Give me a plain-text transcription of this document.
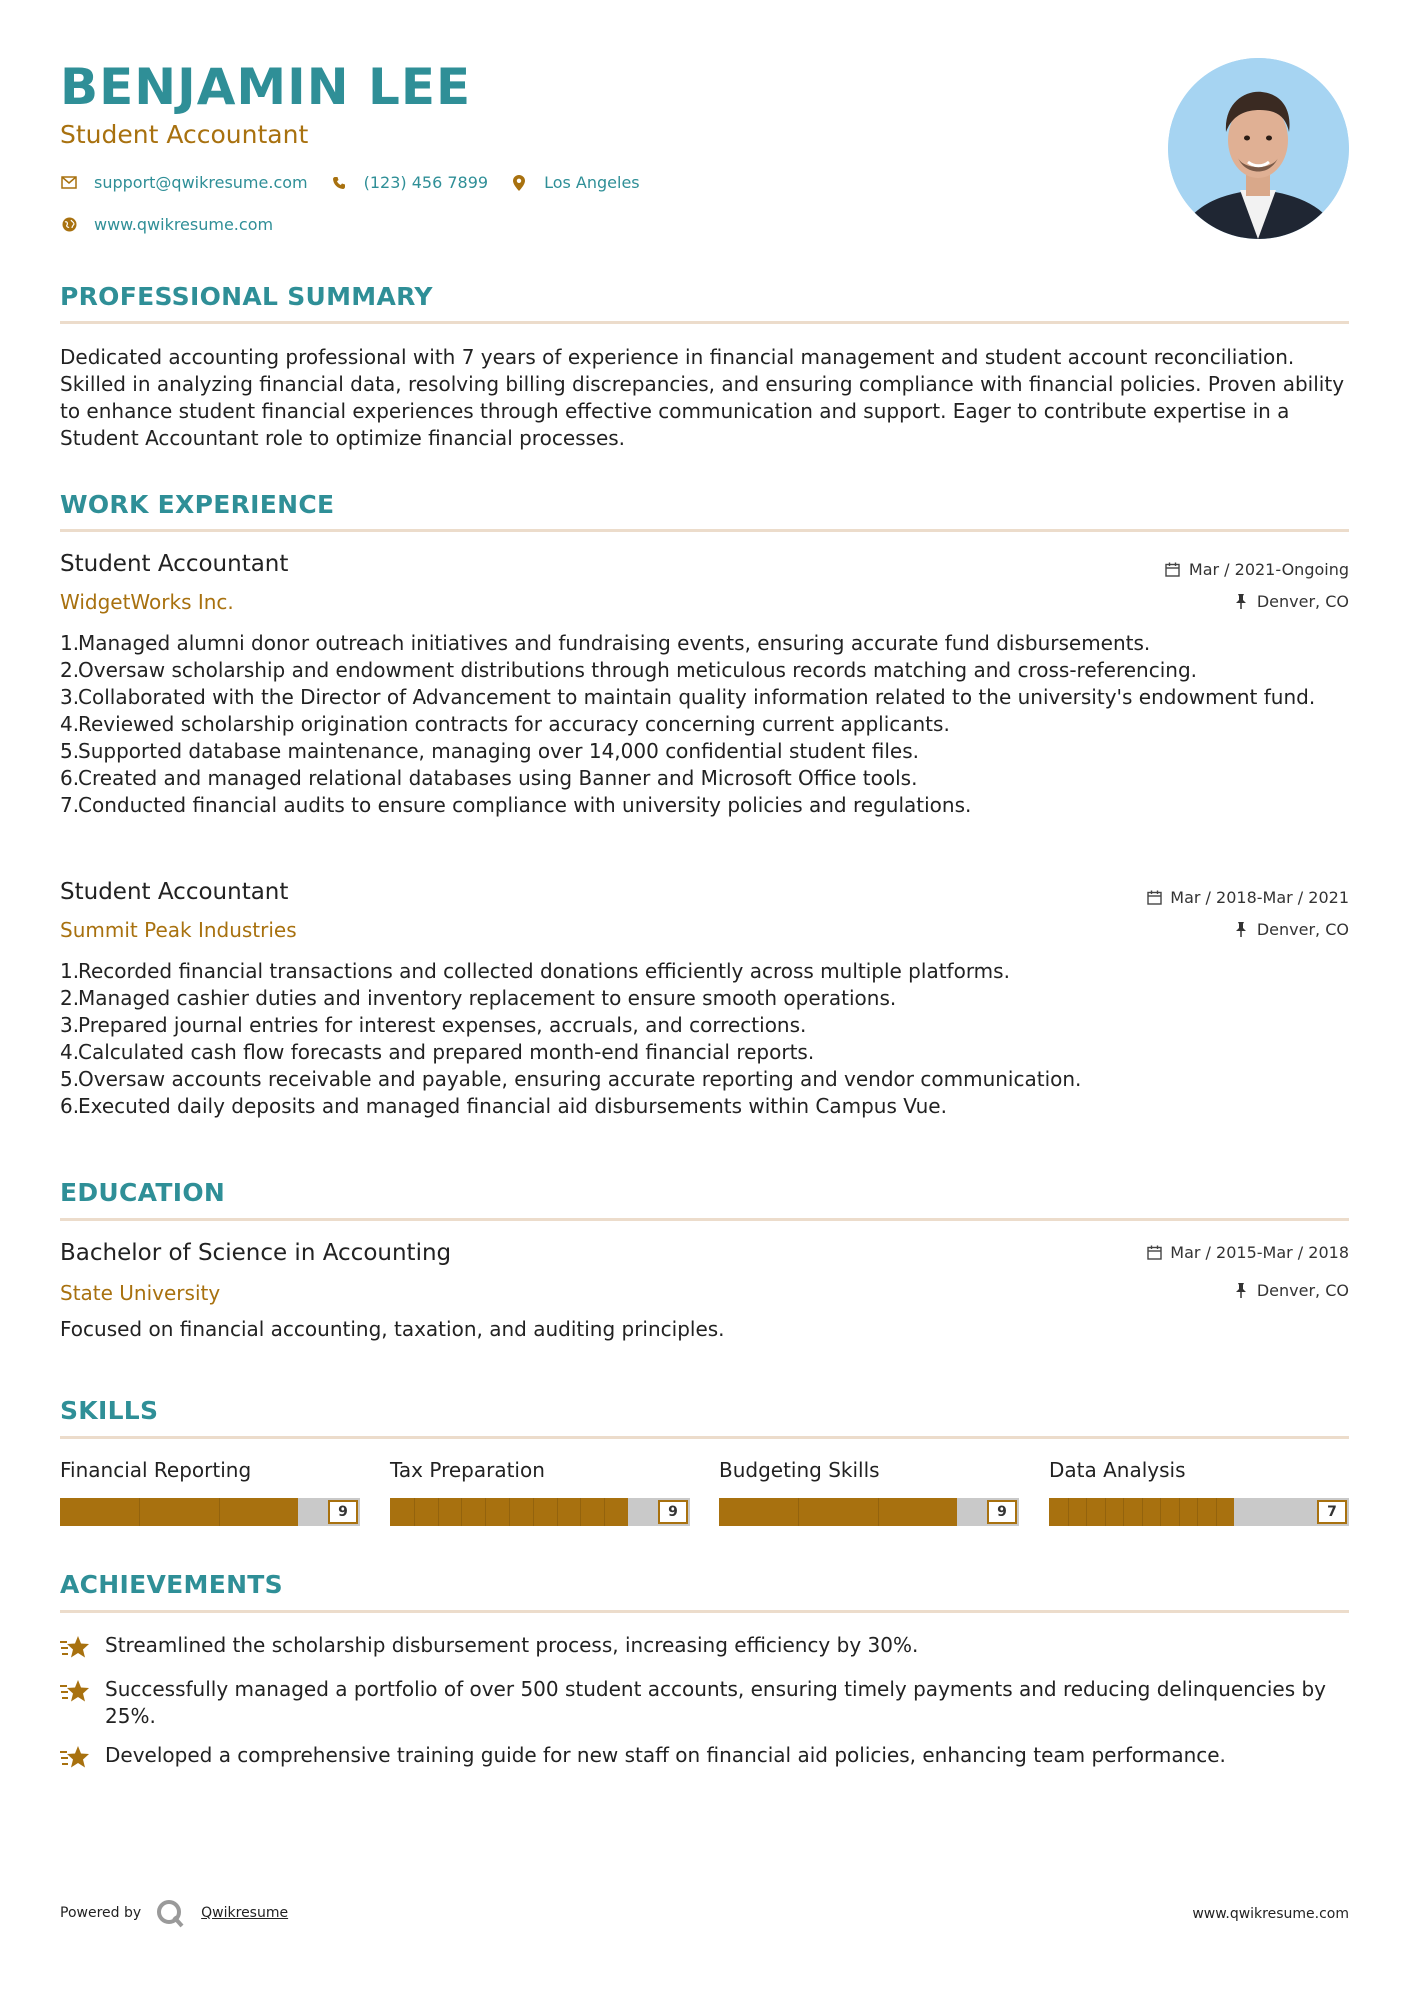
BENJAMIN LEE
Student Accountant
support@qwikresume.com	(123) 456 7899	Los Angeles
www.qwikresume.com
PROFESSIONAL SUMMARY
Dedicated accounting professional with 7 years of experience in financial management and student account reconciliation. Skilled in analyzing financial data, resolving billing discrepancies, and ensuring compliance with financial policies. Proven ability to enhance student financial experiences through effective communication and support. Eager to contribute expertise in a Student Accountant role to optimize financial processes.
WORK EXPERIENCE
Student Accountant
WidgetWorks Inc.
Mar / 2021-Ongoing
Denver, CO
1.
Managed alumni donor outreach initiatives and fundraising events, ensuring accurate fund disbursements.
2.
Oversaw scholarship and endowment distributions through meticulous records matching and cross-referencing.
3.
Collaborated with the Director of Advancement to maintain quality information related to the university's endowment fund.
4.
Reviewed scholarship origination contracts for accuracy concerning current applicants.
5.
Supported database maintenance, managing over 14,000 confidential student files.
6.
Created and managed relational databases using Banner and Microsoft Office tools.
7.
Conducted financial audits to ensure compliance with university policies and regulations.
Student Accountant
Summit Peak Industries
Mar / 2018-Mar / 2021
Denver, CO
1.
Recorded financial transactions and collected donations efficiently across multiple platforms.
2.
Managed cashier duties and inventory replacement to ensure smooth operations.
3.
Prepared journal entries for interest expenses, accruals, and corrections.
4.
Calculated cash flow forecasts and prepared month-end financial reports.
5.
Oversaw accounts receivable and payable, ensuring accurate reporting and vendor communication.
6.
Executed daily deposits and managed financial aid disbursements within Campus Vue.
EDUCATION
Bachelor of Science in Accounting
State University
Mar / 2015-Mar / 2018
Denver, CO
Focused on financial accounting, taxation, and auditing principles.
SKILLS
Financial Reporting
9
Tax Preparation
9
Budgeting Skills
9
Data Analysis
7
ACHIEVEMENTS
Streamlined the scholarship disbursement process, increasing efficiency by 30%.
Successfully managed a portfolio of over 500 student accounts, ensuring timely payments and reducing delinquencies by 25%.
Developed a comprehensive training guide for new staff on financial aid policies, enhancing team performance.
Powered by	Qwikresume	www.qwikresume.com
